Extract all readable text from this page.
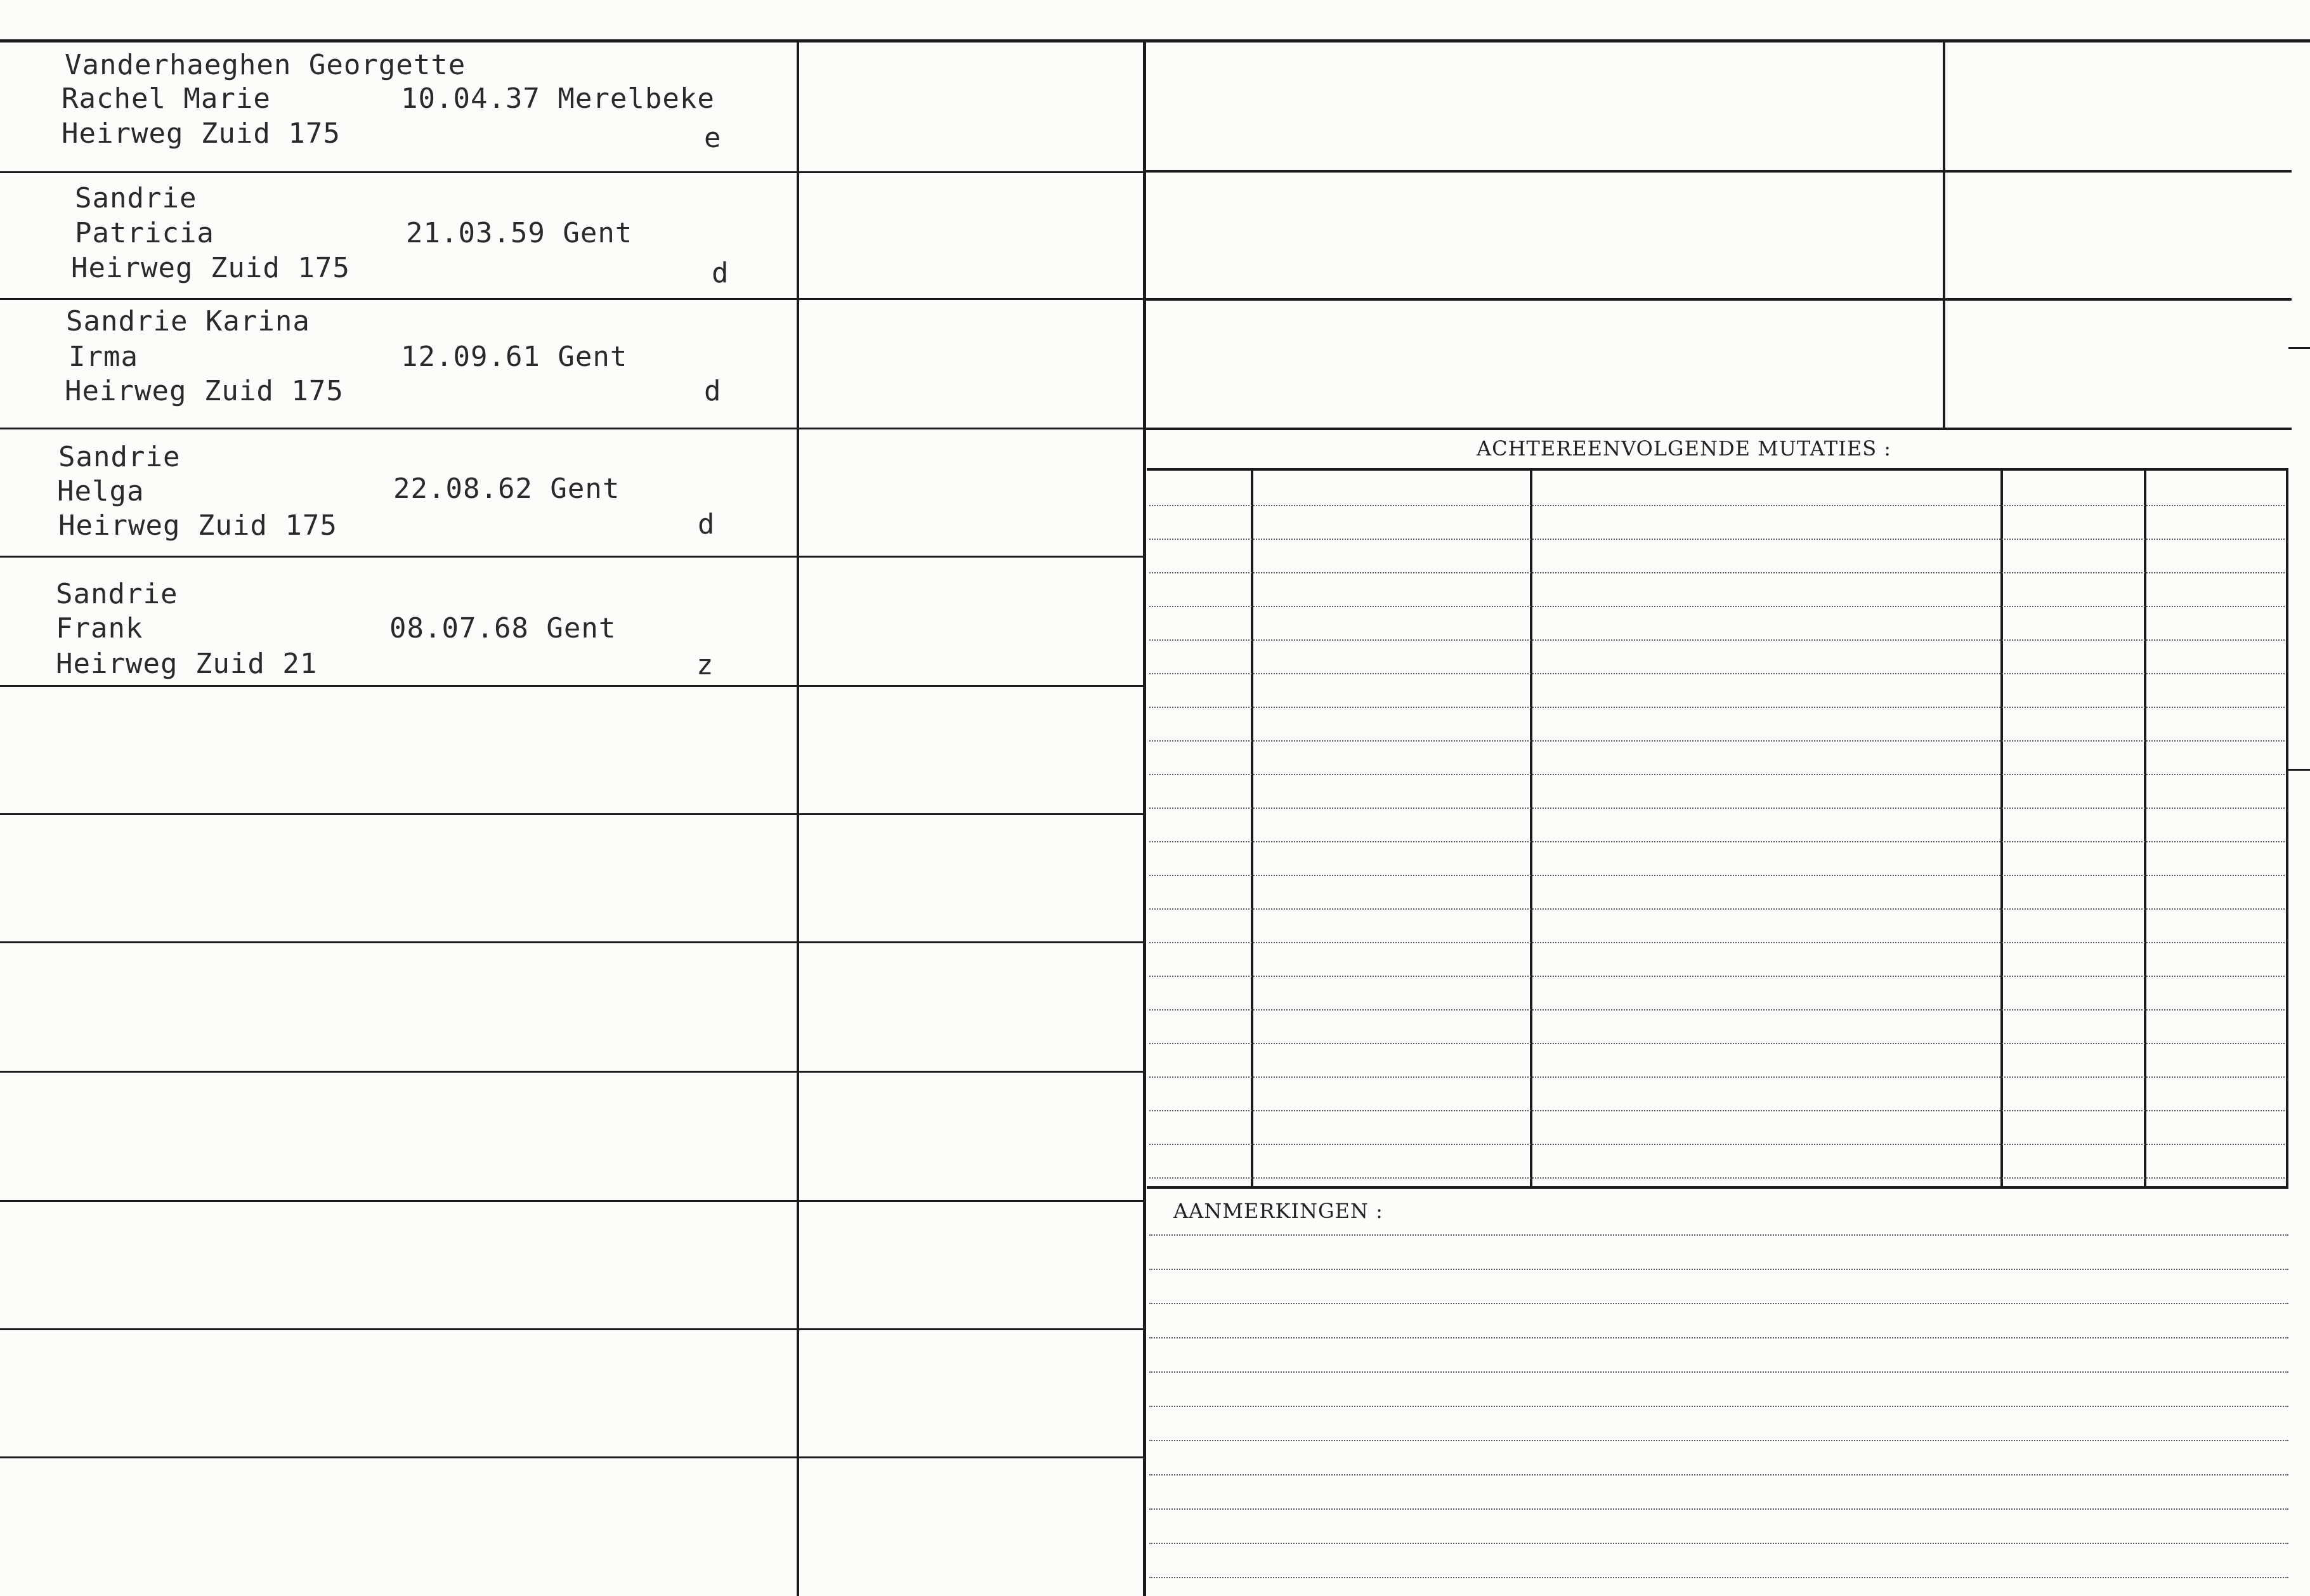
Vanderhaeghen Georgette
Rachel Marie	10.04.37 Merelbeke
Heirweg Zuid 175	e
Sandrie
Patricia	21.03.59 Gent
Heirweg Zuid 175	d
Sandrie Karina
Irma	12.09.61 Gent
Heirweg Zuid 175	d
Sandrie
Helga	22.08.62 Gent
Heirweg Zuid 175	d
Sandrie
Frank	08.07.68 Gent
Heirweg Zuid 21	z
ACHTEREENVOLGENDE MUTATIES :
AANMERKINGEN :
